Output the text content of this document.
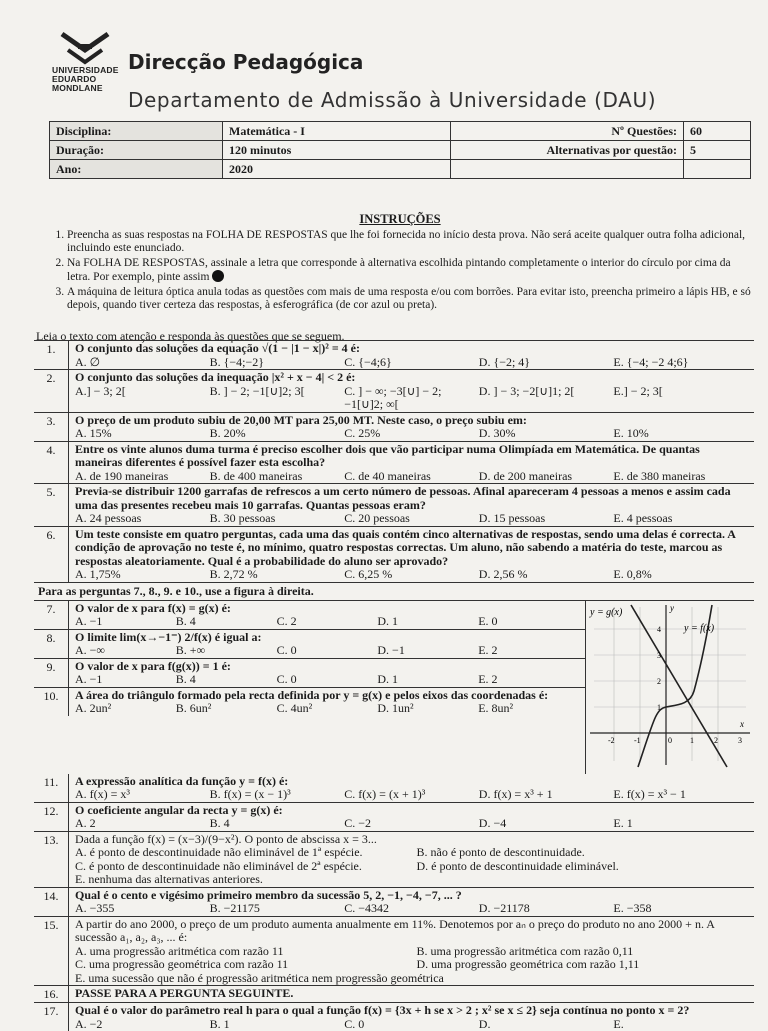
UNIVERSIDADE
EDUARDO
MONDLANE
Direcção Pedagógica
Departamento de Admissão à Universidade (DAU)
Disciplina:	Matemática - I	Nº Questões:	60
Duração:	120 minutos	Alternativas por questão:	5
Ano:	2020		
INSTRUÇÕES
1. Preencha as suas respostas na FOLHA DE RESPOSTAS que lhe foi fornecida no início desta prova. Não será aceite qualquer outra folha adicional, incluindo este enunciado.
2. Na FOLHA DE RESPOSTAS, assinale a letra que corresponde à alternativa escolhida pintando completamente o interior do círculo por cima da letra. Por exemplo, pinte assim
3. A máquina de leitura óptica anula todas as questões com mais de uma resposta e/ou com borrões. Para evitar isto, preencha primeiro a lápis HB, e só depois, quando tiver certeza das respostas, à esferográfica (de cor azul ou preta).
Leia o texto com atenção e responda às questões que se seguem.
1.	O conjunto das soluções da equação √(1 − |1 − x|)² = 4 é:
A. ∅	B. {−4;−2}	C. {−4;6}	D. {−2; 4}	E. {−4; −2 4;6}
2.	O conjunto das soluções da inequação |x² + x − 4| < 2 é:
A.] − 3; 2[	B. ] − 2; −1[∪]2; 3[	C. ] − ∞; −3[∪] − 2; −1[∪]2; ∞[
D. ] − 3; −2[∪]1; 2[	E.] − 2; 3[
3.	O preço de um produto subiu de 20,00 MT para 25,00 MT. Neste caso, o preço subiu em:
A. 15%	B. 20%	C. 25%	D. 30%	E. 10%
4.	Entre os vinte alunos duma turma é preciso escolher dois que vão participar numa Olimpíada em Matemática. De quantas maneiras diferentes é possível fazer esta escolha?
A. de 190 maneiras	B. de 400 maneiras	C. de 40 maneiras	D. de 200 maneiras	E. de 380 maneiras
5.	Previa-se distribuir 1200 garrafas de refrescos a um certo número de pessoas. Afinal apareceram 4 pessoas a menos e assim cada uma das presentes recebeu mais 10 garrafas. Quantas pessoas eram?
A. 24 pessoas	B. 30 pessoas	C. 20 pessoas	D. 15 pessoas	E. 4 pessoas
6.	Um teste consiste em quatro perguntas, cada uma das quais contém cinco alternativas de respostas, sendo uma delas é correcta. A condição de aprovação no teste é, no mínimo, quatro respostas correctas. Um aluno, não sabendo a matéria do teste, marcou as respostas aleatoriamente. Qual é a probabilidade do aluno ser aprovado?
A. 1,75%	B. 2,72 %	C. 6,25 %	D. 2,56 %	E. 0,8%
Para as perguntas 7., 8., 9. e 10., use a figura à direita.
7.	O valor de x para f(x) = g(x) é:
A. −1	B. 4	C. 2	D. 1	E. 0
8.	O limite lim(x→−1⁻) 2/f(x) é igual a:
A. −∞	B. +∞	C. 0	D. −1	E. 2
9.	O valor de x para f(g(x)) = 1 é:
A. −1	B. 4	C. 0	D. 1	E. 2
10.	A área do triângulo formado pela recta definida por y = g(x) e pelos eixos das coordenadas é:
A. 2un²	B. 6un²	C. 4un²	D. 1un²	E. 8un²
y = g(x)
y = f(x)
y
x
4
3
2
1
-2 -1	0 1	2	3
11.	A expressão analítica da função y = f(x) é:
A. f(x) = x³	B. f(x) = (x − 1)³	C. f(x) = (x + 1)³	D. f(x) = x³ + 1	E. f(x) = x³ − 1
12.	O coeficiente angular da recta y = g(x) é:
A. 2	B. 4	C. −2	D. −4	E. 1
13.	Dada a função f(x) = (x−3)/(9−x²). O ponto de abscissa x = 3...
A. é ponto de descontinuidade não eliminável de 1ª espécie.	B. não é ponto de descontinuidade.
C. é ponto de descontinuidade não eliminável de 2ª espécie.	D. é ponto de descontinuidade eliminável.
E. nenhuma das alternativas anteriores.
14.	Qual é o cento e vigésimo primeiro membro da sucessão 5, 2, −1, −4, −7, ... ?
A. −355	B. −21175	C. −4342	D. −21178	E. −358
15.	A partir do ano 2000, o preço de um produto aumenta anualmente em 11%. Denotemos por aₙ o preço do produto no ano 2000 + n. A sucessão a₁, a₂, a₃, ... é:
A. uma progressão aritmética com razão 11	B. uma progressão aritmética com razão 0,11
C. uma progressão geométrica com razão 11	D. uma progressão geométrica com razão 1,11
E. uma sucessão que não é progressão aritmética nem progressão geométrica
16.	PASSE PARA A PERGUNTA SEGUINTE.
17.	Qual é o valor do parâmetro real h para o qual a função f(x) = {3x + h se x > 2 ; x² se x ≤ 2} seja contínua no ponto x = 2?
A. −2	B. 1	C. 0	D.	E.
